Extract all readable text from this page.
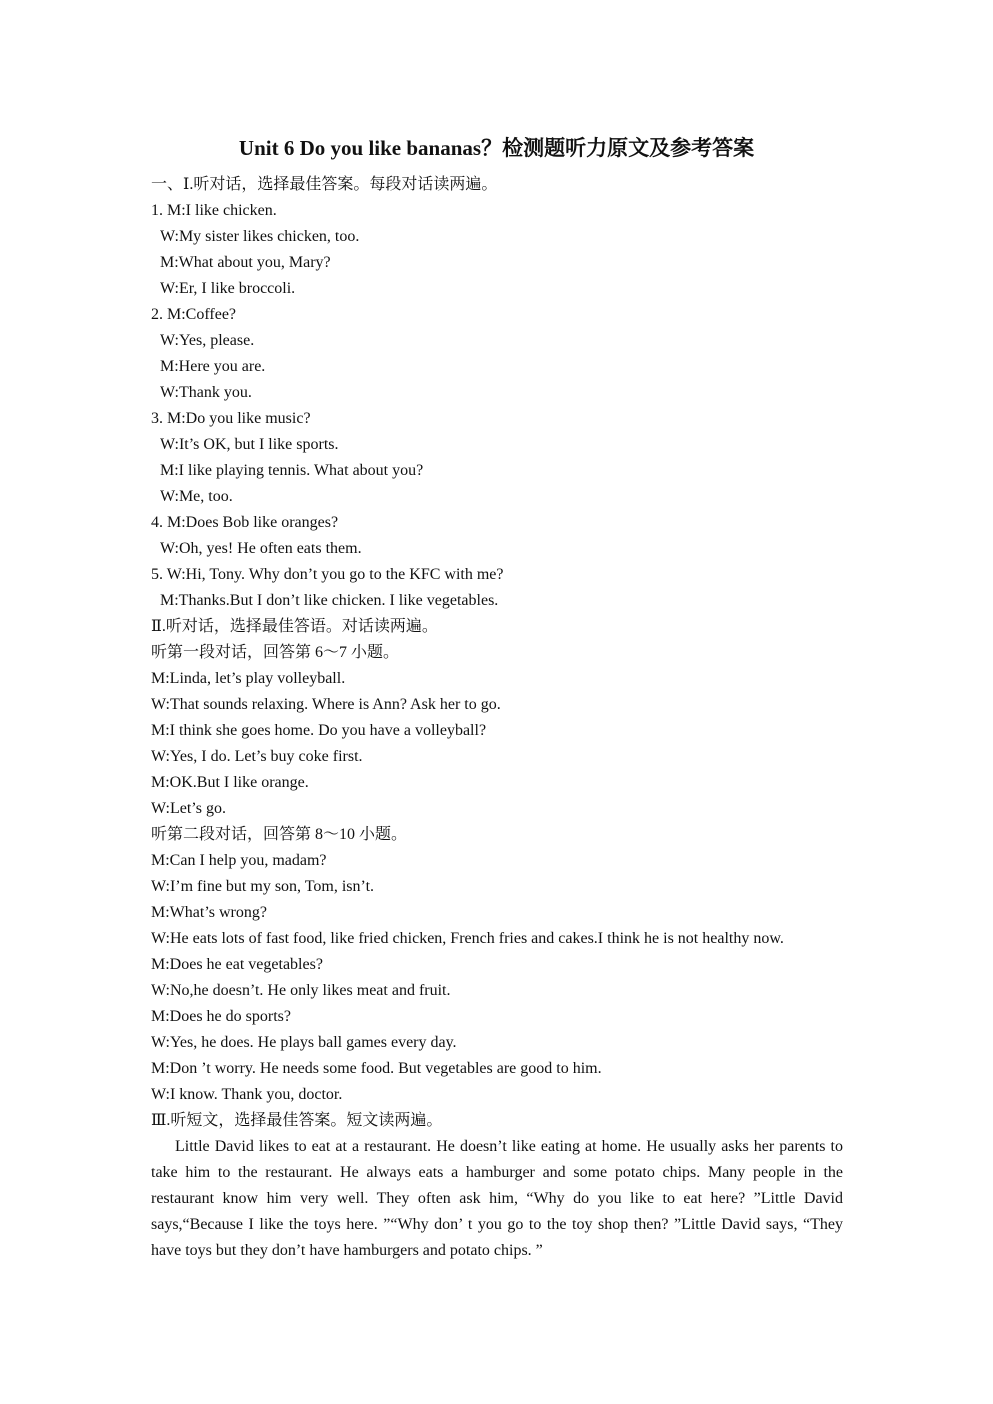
Unit 6 Do you like bananas？检测题听力原文及参考答案
一、Ⅰ.听对话，选择最佳答案。每段对话读两遍。
1. M:I like chicken.
W:My sister likes chicken, too.
M:What about you, Mary?
W:Er, I like broccoli.
2. M:Coffee?
W:Yes, please.
M:Here you are.
W:Thank you.
3. M:Do you like music?
W:It’s OK, but I like sports.
M:I like playing tennis. What about you?
W:Me, too.
4. M:Does Bob like oranges?
W:Oh, yes! He often eats them.
5. W:Hi, Tony. Why don’t you go to the KFC with me?
M:Thanks.But I don’t like chicken. I like vegetables.
Ⅱ.听对话，选择最佳答语。对话读两遍。
听第一段对话，回答第 6～7 小题。
M:Linda, let’s play volleyball.
W:That sounds relaxing. Where is Ann? Ask her to go.
M:I think she goes home. Do you have a volleyball?
W:Yes, I do. Let’s buy coke first.
M:OK.But I like orange.
W:Let’s go.
听第二段对话，回答第 8～10 小题。
M:Can I help you, madam?
W:I’m fine but my son, Tom, isn’t.
M:What’s wrong?
W:He eats lots of fast food, like fried chicken, French fries and cakes.I think he is not healthy now.
M:Does he eat vegetables?
W:No,he doesn’t. He only likes meat and fruit.
M:Does he do sports?
W:Yes, he does. He plays ball games every day.
M:Don ’t worry. He needs some food. But vegetables are good to him.
W:I know. Thank you, doctor.
Ⅲ.听短文，选择最佳答案。短文读两遍。

Little David likes to eat at a restaurant. He doesn’t like eating at home. He usually asks her parents to take him to the restaurant. He always eats a hamburger and some potato chips. Many people in the restaurant know him very well. They often ask him, “Why do you like to eat here? ”Little David says,“Because I like the toys here. ”“Why don’ t you go to the toy shop then? ”Little David says, “They have toys but they don’t have hamburgers and potato chips. ”
